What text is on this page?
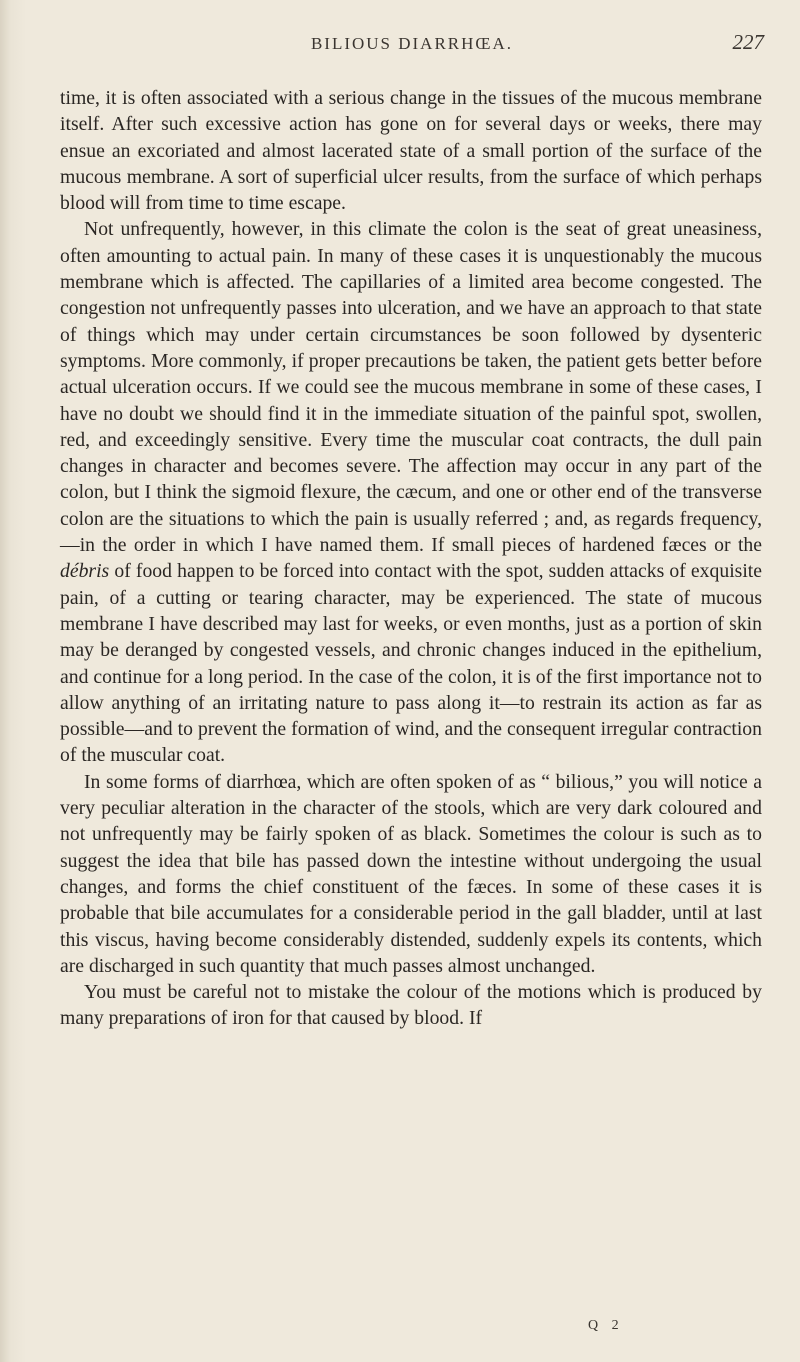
BILIOUS DIARRHŒA.	227

time, it is often associated with a serious change in the tissues of the mucous membrane itself. After such excessive action has gone on for several days or weeks, there may ensue an excoriated and almost lacerated state of a small portion of the surface of the mucous membrane. A sort of superficial ulcer results, from the surface of which perhaps blood will from time to time escape.

Not unfrequently, however, in this climate the colon is the seat of great uneasiness, often amounting to actual pain. In many of these cases it is unquestionably the mucous membrane which is affected. The capillaries of a limited area become congested. The congestion not unfrequently passes into ulceration, and we have an approach to that state of things which may under certain circumstances be soon followed by dysenteric symptoms. More commonly, if proper precautions be taken, the patient gets better before actual ulceration occurs. If we could see the mucous membrane in some of these cases, I have no doubt we should find it in the immediate situation of the painful spot, swollen, red, and exceedingly sensitive. Every time the muscular coat contracts, the dull pain changes in character and becomes severe. The affection may occur in any part of the colon, but I think the sigmoid flexure, the cæcum, and one or other end of the transverse colon are the situations to which the pain is usually referred ; and, as regards frequency,—in the order in which I have named them. If small pieces of hardened fæces or the débris of food happen to be forced into contact with the spot, sudden attacks of exquisite pain, of a cutting or tearing character, may be experienced. The state of mucous membrane I have described may last for weeks, or even months, just as a portion of skin may be deranged by congested vessels, and chronic changes induced in the epithelium, and continue for a long period. In the case of the colon, it is of the first importance not to allow anything of an irritating nature to pass along it—to restrain its action as far as possible—and to prevent the formation of wind, and the consequent irregular contraction of the muscular coat.

In some forms of diarrhœa, which are often spoken of as “ bilious,” you will notice a very peculiar alteration in the character of the stools, which are very dark coloured and not unfrequently may be fairly spoken of as black. Sometimes the colour is such as to suggest the idea that bile has passed down the intestine without undergoing the usual changes, and forms the chief constituent of the fæces. In some of these cases it is probable that bile accumulates for a considerable period in the gall bladder, until at last this viscus, having become considerably distended, suddenly expels its contents, which are discharged in such quantity that much passes almost unchanged.

You must be careful not to mistake the colour of the motions which is produced by many preparations of iron for that caused by blood. If

Q 2
